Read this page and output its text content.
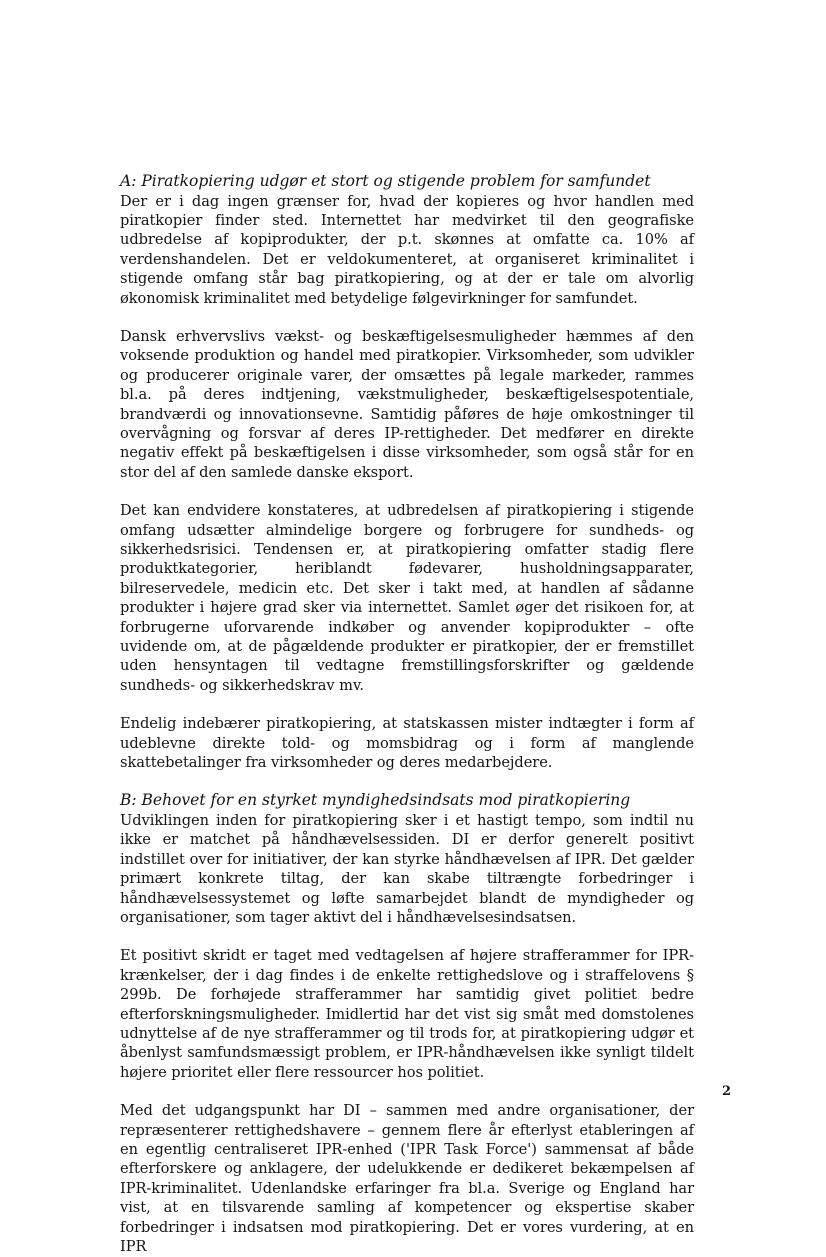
A: Piratkopiering udgør et stort og stigende problem for samfundet

Der er i dag ingen grænser for, hvad der kopieres og hvor handlen med piratkopier finder sted. Internettet har medvirket til den geografiske udbredelse af kopiprodukter, der p.t. skønnes at omfatte ca. 10% af verdenshandelen. Det er veldokumenteret, at organiseret kriminalitet i stigende omfang står bag piratkopiering, og at der er tale om alvorlig økonomisk kriminalitet med betydelige følgevirkninger for samfundet.

Dansk erhvervslivs vækst- og beskæftigelsesmuligheder hæmmes af den voksende produktion og handel med piratkopier. Virksomheder, som udvikler og producerer originale varer, der omsættes på legale markeder, rammes bl.a. på deres indtjening, vækstmuligheder, beskæftigelsespotentiale, brandværdi og innovationsevne. Samtidig påføres de høje omkostninger til overvågning og forsvar af deres IP-rettigheder. Det medfører en direkte negativ effekt på beskæftigelsen i disse virksomheder, som også står for en stor del af den samlede danske eksport.

Det kan endvidere konstateres, at udbredelsen af piratkopiering i stigende omfang udsætter almindelige borgere og forbrugere for sundheds- og sikkerhedsrisici. Tendensen er, at piratkopiering omfatter stadig flere produktkategorier, heriblandt fødevarer, husholdningsapparater, bilreservedele, medicin etc. Det sker i takt med, at handlen af sådanne produkter i højere grad sker via internettet. Samlet øger det risikoen for, at forbrugerne uforvarende indkøber og anvender kopiprodukter – ofte uvidende om, at de pågældende produkter er piratkopier, der er fremstillet uden hensyntagen til vedtagne fremstillingsforskrifter og gældende sundheds- og sikkerhedskrav mv.

Endelig indebærer piratkopiering, at statskassen mister indtægter i form af udeblevne direkte told- og momsbidrag og i form af manglende skattebetalinger fra virksomheder og deres medarbejdere.

B: Behovet for en styrket myndighedsindsats mod piratkopiering

Udviklingen inden for piratkopiering sker i et hastigt tempo, som indtil nu ikke er matchet på håndhævelsessiden. DI er derfor generelt positivt indstillet over for initiativer, der kan styrke håndhævelsen af IPR. Det gælder primært konkrete tiltag, der kan skabe tiltrængte forbedringer i håndhævelsessystemet og løfte samarbejdet blandt de myndigheder og organisationer, som tager aktivt del i håndhævelsesindsatsen.

Et positivt skridt er taget med vedtagelsen af højere strafferammer for IPR-krænkelser, der i dag findes i de enkelte rettighedslove og i straffelovens § 299b. De forhøjede strafferammer har samtidig givet politiet bedre efterforskningsmuligheder. Imidlertid har det vist sig småt med domstolenes udnyttelse af de nye strafferammer og til trods for, at piratkopiering udgør et åbenlyst samfundsmæssigt problem, er IPR-håndhævelsen ikke synligt tildelt højere prioritet eller flere ressourcer hos politiet.

Med det udgangspunkt har DI – sammen med andre organisationer, der repræsenterer rettighedshavere – gennem flere år efterlyst etableringen af en egentlig centraliseret IPR-enhed ('IPR Task Force') sammensat af både efterforskere og anklagere, der udelukkende er dedikeret bekæmpelsen af IPR-kriminalitet. Udenlandske erfaringer fra bl.a. Sverige og England har vist, at en tilsvarende samling af kompetencer og ekspertise skaber forbedringer i indsatsen mod piratkopiering. Det er vores vurdering, at en IPR

2
